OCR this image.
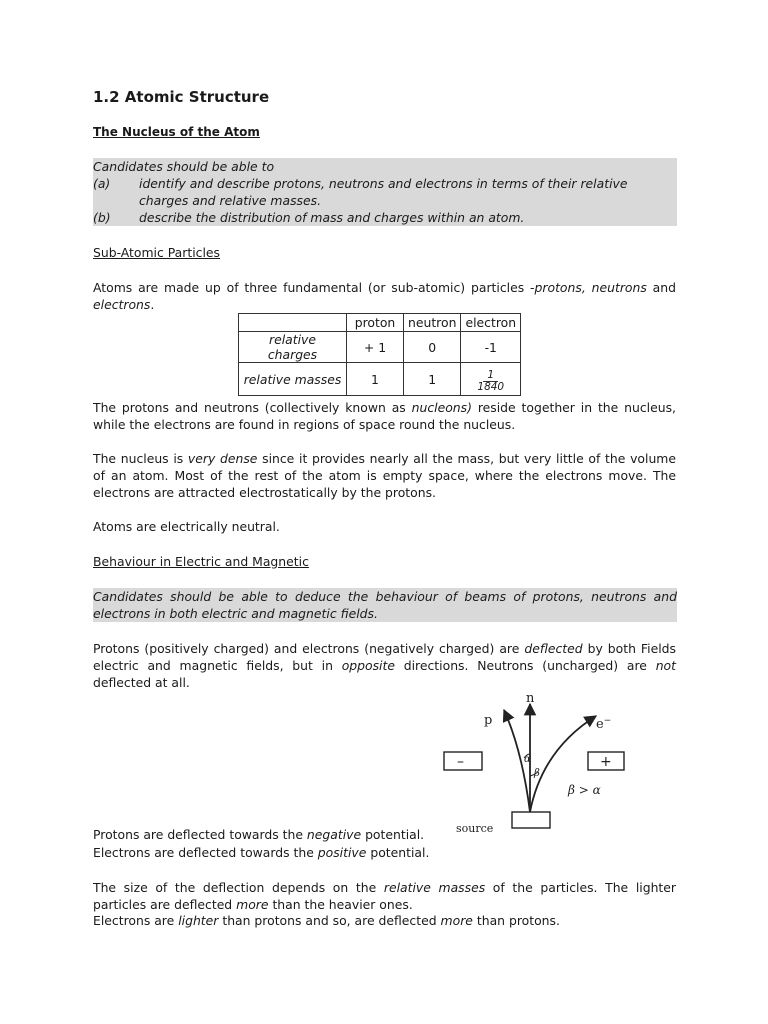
1.2 Atomic Structure
The Nucleus of the Atom
Candidates should be able to
(a)	identify and describe protons, neutrons and electrons in terms of their relative charges and relative masses.
(b)	describe the distribution of mass and charges within an atom.
Sub-Atomic Particles
Atoms are made up of three fundamental (or sub-atomic) particles -protons, neutrons and electrons.
	proton	neutron	electron
relative charges	+ 1	0	-1
relative masses	1	1	$\frac{1}{1840}$
The protons and neutrons (collectively known as nucleons) reside together in the nucleus, while the electrons are found in regions of space round the nucleus.
The nucleus is very dense since it provides nearly all the mass, but very little of the volume of an atom. Most of the rest of the atom is empty space, where the electrons move. The electrons are attracted electrostatically by the protons.
Atoms are electrically neutral.
Behaviour in Electric and Magnetic
Candidates should be able to deduce the behaviour of beams of protons, neutrons and electrons in both electric and magnetic fields.
Protons (positively charged) and electrons (negatively charged) are deflected by both Fields electric and magnetic fields, but in opposite directions. Neutrons (uncharged) are not deflected at all.
Protons are deflected towards the negative potential.
Electrons are deflected towards the positive potential.
The size of the deflection depends on the relative masses of the particles. The lighter particles are deflected more than the heavier ones.
Electrons are lighter than protons and so, are deflected more than protons.
n
p	e−
–	+
α
β
β > α
source
